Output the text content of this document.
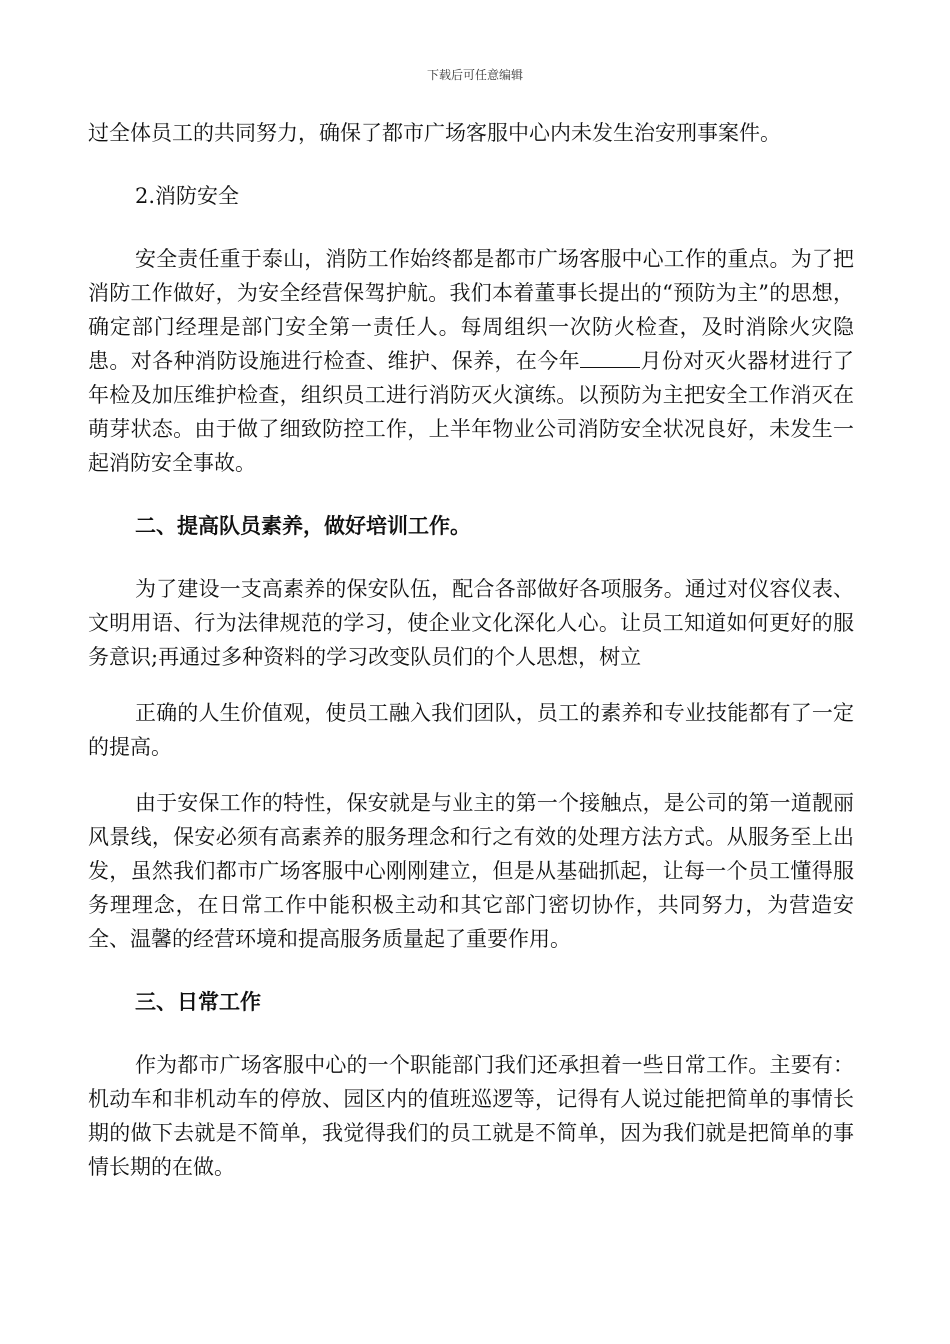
下载后可任意编辑

过全体员工的共同努力，确保了都市广场客服中心内未发生治安刑事案件。

2.消防安全

安全责任重于泰山，消防工作始终都是都市广场客服中心工作的重点。为了把消防工作做好，为安全经营保驾护航。我们本着董事长提出的“预防为主”的思想，确定部门经理是部门安全第一责任人。每周组织一次防火检查，及时消除火灾隐患。对各种消防设施进行检查、维护、保养，在今年	月份对灭火器材进行了年检及加压维护检查，组织员工进行消防灭火演练。以预防为主把安全工作消灭在萌芽状态。由于做了细致防控工作，上半年物业公司消防安全状况良好，未发生一起消防安全事故。

二、提高队员素养，做好培训工作。

为了建设一支高素养的保安队伍，配合各部做好各项服务。通过对仪容仪表、文明用语、行为法律规范的学习，使企业文化深化人心。让员工知道如何更好的服务意识;再通过多种资料的学习改变队员们的个人思想，树立

正确的人生价值观，使员工融入我们团队，员工的素养和专业技能都有了一定的提高。

由于安保工作的特性，保安就是与业主的第一个接触点，是公司的第一道靓丽风景线，保安必须有高素养的服务理念和行之有效的处理方法方式。从服务至上出发，虽然我们都市广场客服中心刚刚建立，但是从基础抓起，让每一个员工懂得服务理理念，在日常工作中能积极主动和其它部门密切协作，共同努力，为营造安全、温馨的经营环境和提高服务质量起了重要作用。

三、日常工作

作为都市广场客服中心的一个职能部门我们还承担着一些日常工作。主要有：机动车和非机动车的停放、园区内的值班巡逻等，记得有人说过能把简单的事情长期的做下去就是不简单，我觉得我们的员工就是不简单，因为我们就是把简单的事情长期的在做。
